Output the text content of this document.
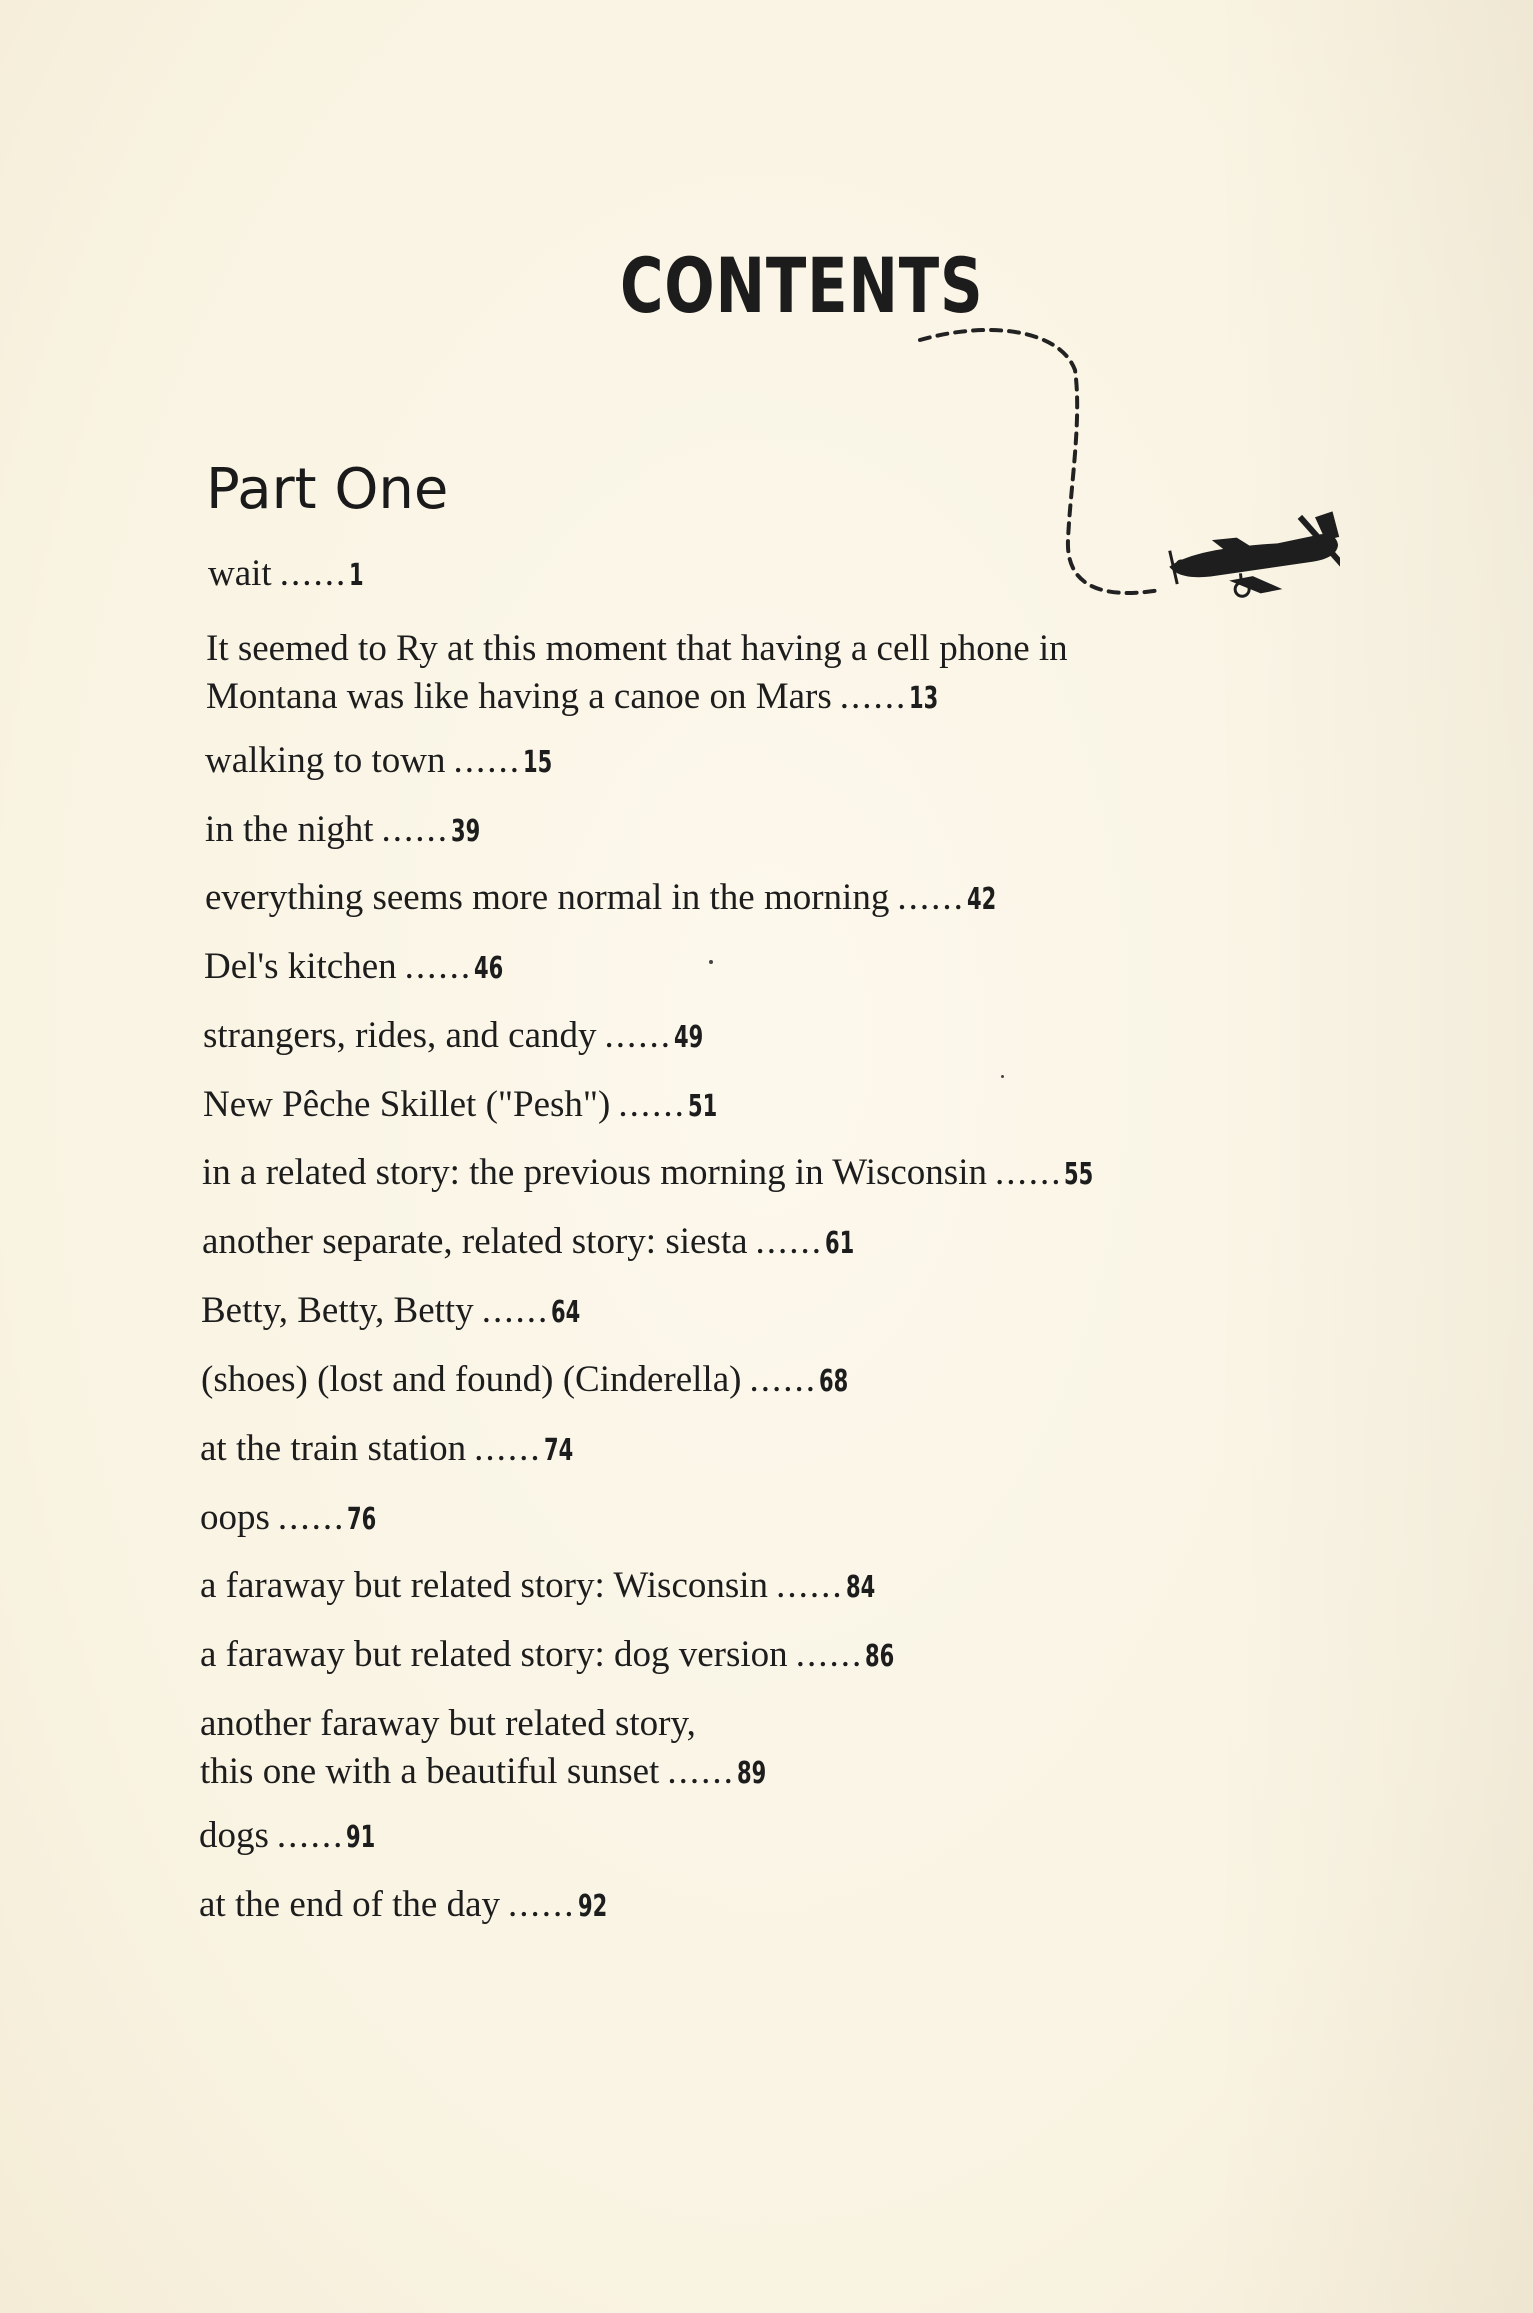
CONTENTS
Part One
wait ......1
It seemed to Ry at this moment that having a cell phone in
Montana was like having a canoe on Mars ......13
walking to town ......15
in the night ......39
everything seems more normal in the morning ......42
Del's kitchen ......46
strangers, rides, and candy ......49
New Pêche Skillet ("Pesh") ......51
in a related story: the previous morning in Wisconsin ......55
another separate, related story: siesta ......61
Betty, Betty, Betty ......64
(shoes) (lost and found) (Cinderella) ......68
at the train station ......74
oops ......76
a faraway but related story: Wisconsin ......84
a faraway but related story: dog version ......86
another faraway but related story,
this one with a beautiful sunset ......89
dogs ......91
at the end of the day ......92
